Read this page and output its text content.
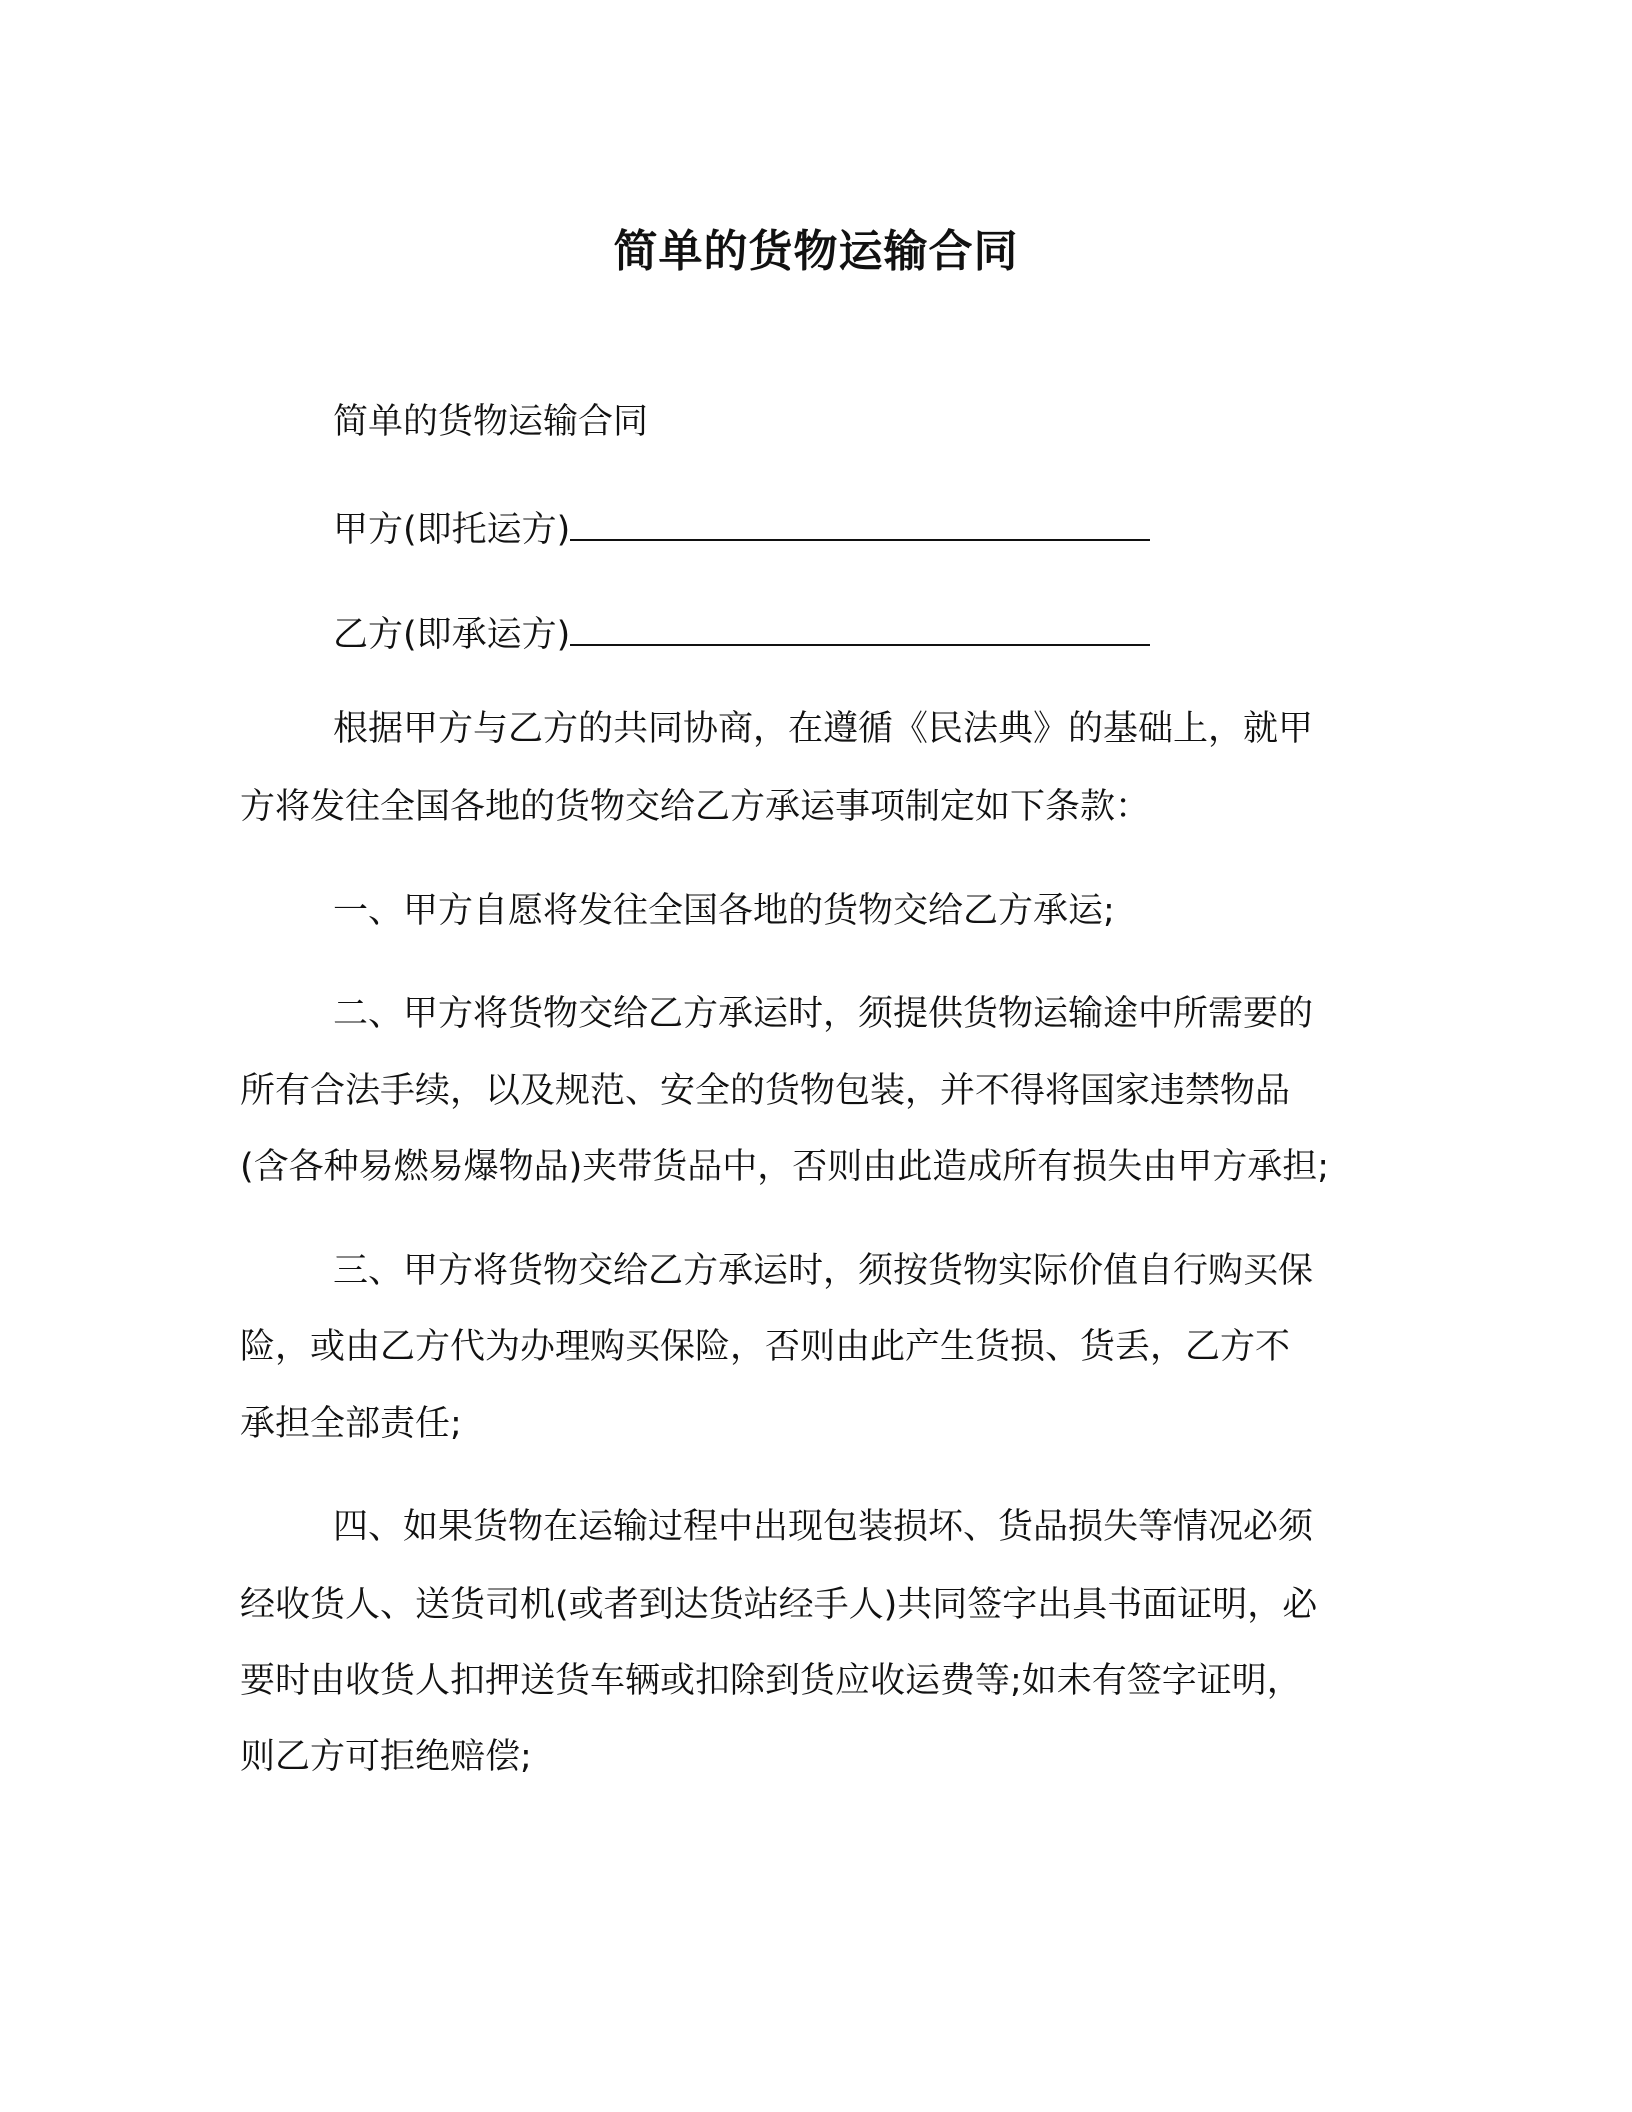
简单的货物运输合同
简单的货物运输合同
甲方(即托运方)
乙方(即承运方)
根据甲方与乙方的共同协商，在遵循《民法典》的基础上，就甲
方将发往全国各地的货物交给乙方承运事项制定如下条款：
一、甲方自愿将发往全国各地的货物交给乙方承运;
二、甲方将货物交给乙方承运时，须提供货物运输途中所需要的
所有合法手续，以及规范、安全的货物包装，并不得将国家违禁物品
(含各种易燃易爆物品)夹带货品中，否则由此造成所有损失由甲方承担;
三、甲方将货物交给乙方承运时，须按货物实际价值自行购买保
险，或由乙方代为办理购买保险，否则由此产生货损、货丢，乙方不
承担全部责任;
四、如果货物在运输过程中出现包装损坏、货品损失等情况必须
经收货人、送货司机(或者到达货站经手人)共同签字出具书面证明，必
要时由收货人扣押送货车辆或扣除到货应收运费等;如未有签字证明，
则乙方可拒绝赔偿;
